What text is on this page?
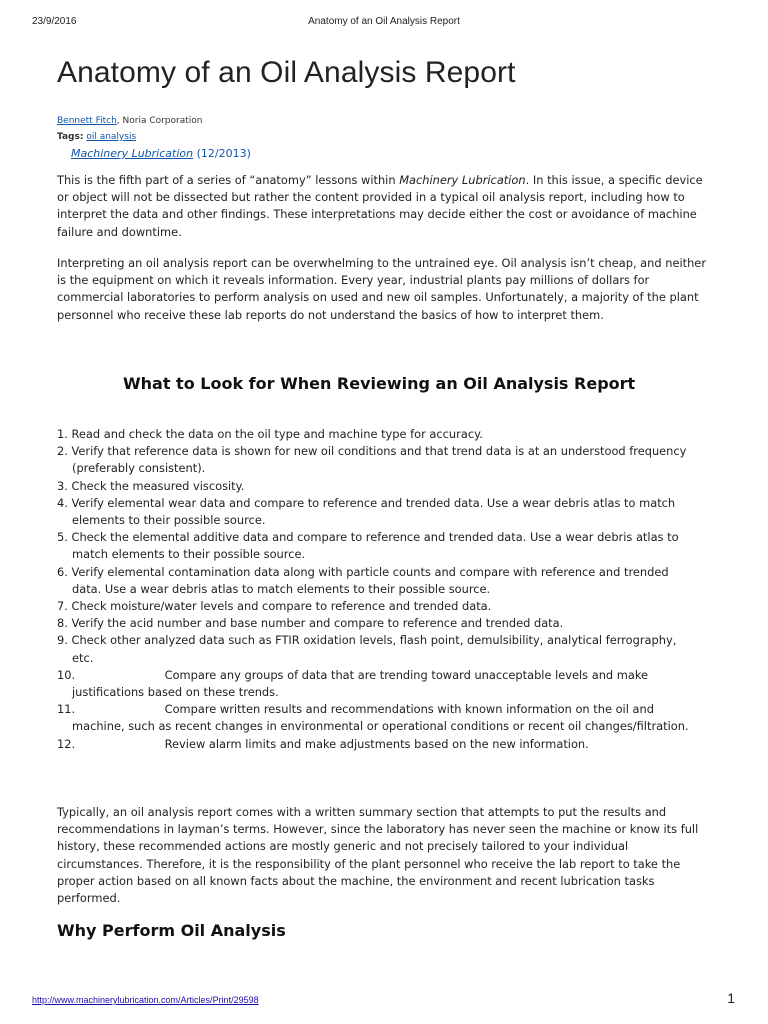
23/9/2016	Anatomy of an Oil Analysis Report
Anatomy of an Oil Analysis Report
Bennett Fitch, Noria Corporation
Tags: oil analysis
Machinery Lubrication (12/2013)

This is the fifth part of a series of “anatomy” lessons within Machinery Lubrication. In this issue, a specific device or object will not be dissected but rather the content provided in a typical oil analysis report, including how to interpret the data and other findings. These interpretations may decide either the cost or avoidance of machine failure and downtime.

Interpreting an oil analysis report can be overwhelming to the untrained eye. Oil analysis isn’t cheap, and neither is the equipment on which it reveals information. Every year, industrial plants pay millions of dollars for commercial laboratories to perform analysis on used and new oil samples. Unfortunately, a majority of the plant personnel who receive these lab reports do not understand the basics of how to interpret them.

What to Look for When Reviewing an Oil Analysis Report
1. Read and check the data on the oil type and machine type for accuracy.
2. Verify that reference data is shown for new oil conditions and that trend data is at an understood frequency (preferably consistent).
3. Check the measured viscosity.
4. Verify elemental wear data and compare to reference and trended data. Use a wear debris atlas to match elements to their possible source.
5. Check the elemental additive data and compare to reference and trended data. Use a wear debris atlas to match elements to their possible source.
6. Verify elemental contamination data along with particle counts and compare with reference and trended data. Use a wear debris atlas to match elements to their possible source.
7. Check moisture/water levels and compare to reference and trended data.
8. Verify the acid number and base number and compare to reference and trended data.
9. Check other analyzed data such as FTIR oxidation levels, flash point, demulsibility, analytical ferrography, etc.
10.	Compare any groups of data that are trending toward unacceptable levels and make justifications based on these trends.
11.	Compare written results and recommendations with known information on the oil and machine, such as recent changes in environmental or operational conditions or recent oil changes/filtration.
12.	Review alarm limits and make adjustments based on the new information.

Typically, an oil analysis report comes with a written summary section that attempts to put the results and recommendations in layman’s terms. However, since the laboratory has never seen the machine or know its full history, these recommended actions are mostly generic and not precisely tailored to your individual circumstances. Therefore, it is the responsibility of the plant personnel who receive the lab report to take the proper action based on all known facts about the machine, the environment and recent lubrication tasks performed.

Why Perform Oil Analysis
http://www.machinerylubrication.com/Articles/Print/29598	1
